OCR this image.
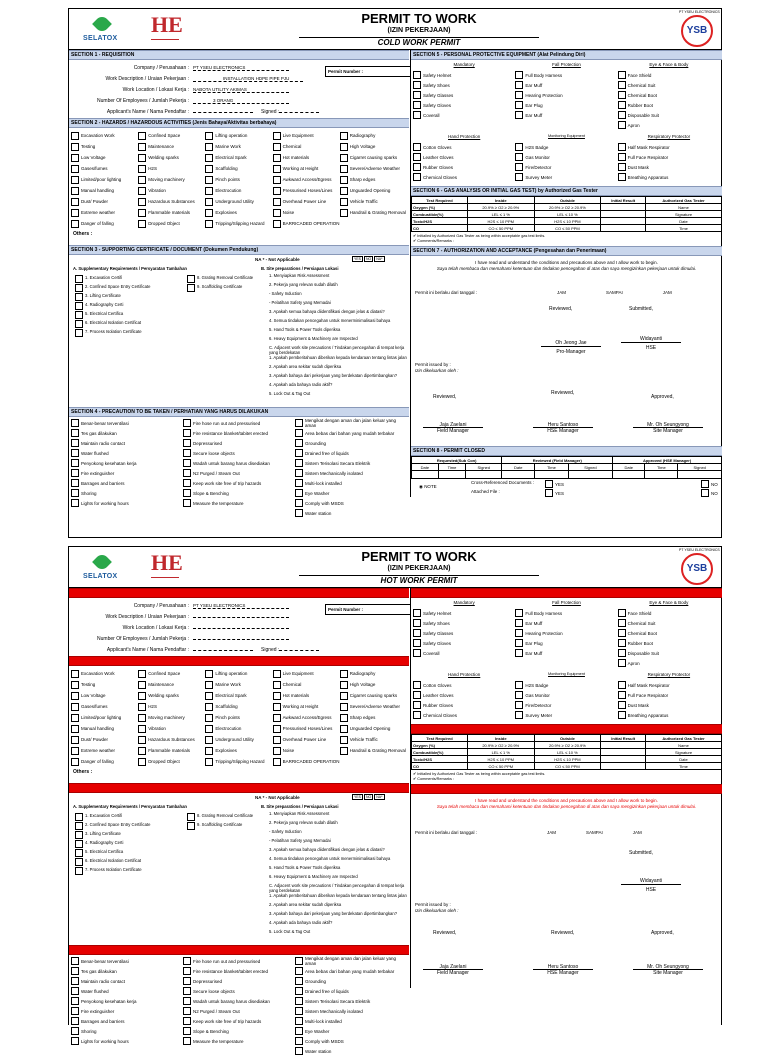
SELATOX
HE	PERMIT TO WORK
(IZIN PEKERJAAN)
COLD WORK PERMIT
PT YSEU ELECTRONICS
YSB
SECTION 1 - REQUISITION
Company / Perusahaan : PT YSEU ELECTRONICS
Work Description / Uraian Pekerjaan :	INSTALLATION HDPE PIPE PJU
Work Location / Lokasi Kerja : NABOTA UTILITY AKIMAS
Number Of Employees / Jumlah Pekerja :	3 ORANG
Applicant's Name / Nama Pendaftar :	Signed :
Permit Number :
SECTION 2 - HAZARDS / HAZARDOUS ACTIVITIES (Jenis Bahaya/Aktivitas berbahaya)
Excavation Work	Confined Space	Lifting operation	Live Equipment	Radiography
Testing	Maintenance	Marine Work	Chemical	High Voltage
Low Voltage	Welding sparks	Electrical Spark	Hot materials	Cigarret causing sparks
Gases/fumes	H2S	Scaffolding	Working at Height	Severe/Adverse Weather
Limited/poor lighting	Moving machinery	Pinch points	Awkward Access/Egress	Sharp edges
Manual handling	Vibration	Electrocution	Pressurised Hoses/Lines	Unguarded Opening
Dust/ Powder	Hazardous Substances	Underground Utility	Overhead Power Line	Vehicle Traffic
Extreme weather	Flammable materials	Explosives	Noise	Handrail & Grating Removal
Danger of falling	Dropped Object	Tripping/Slipping Hazard	BARRICADED OPERATION
Others :
SECTION 3 - SUPPORTING CERTIFICATE / DOCUMENT (Dokumen Pendukung)
NA * - Not Applicable	YES	NO	NA*
A. Supplementary Requirements / Persyaratan Tambahan	B. Site preparations / Persiapan Lokasi
1. Excavation Certifi
2. Confined Space Entry Certificate
3. Lifting Certificate
4. Radiography Certi
5. Electrical Certifica
6. Electrical Isolation Certificat
7. Process Isolation Certificate
8. Grating Removal Certificate
9. Scaffolding Certificate
1. Menyiapkan Risk Assessment
2. Pekerja yang relevan sudah dilatih
- Safety Induction
- Pelatihan Safety yang Memadai
3. Apakah semua bahaya diidentifikasi dengan jelas & diatasi?
4. Semua tindakan pencegahan untuk menerminimalisasi bahaya
5. Hand Tools & Power Tools diperiksa
6. Heavy Equipment & Machinery are Inspected
C. Adjacent work site precautions / Tindakan pencegahan di tempat kerja yang berdekatan
1. Apakah pemberitahuan diberikan kepada kendaraan tentang lintas jalan
2. Apakah area sekitar sudah diperiksa
3. Apakah bahaya dari pekerjaan yang berdekatan dipertimbangkan?
4. Apakah ada bahaya radio aktif?
5. Lock Out & Tag Out
SECTION 4 - PRECAUTION TO BE TAKEN / PERHATIAN YANG HARUS DILAKUKAN
Benar-benar terventilasi	Fire hose run out and pressurised	Mengikat dengan aman dan jalan keluar yang aman
Tes gas dilakukan	Fire resistance blanket/tabitet erected	Area bebas dari bahan yang mudah terbakar
Maintain radio contact	Depressurised	Grounding
Water flushed	Secure loose objects	Drained free of liquids
Penyokong kesehatan kerja	Wadah untuk barang harus disediakan	Sistem Terisolasi Secara Elektrik
Fire extinguisher	N2 Purged / Steam Out	Sistem Mechanically isolated
Barrages and barriers	Keep work site free of trip hazards	Multi-lock installed
Shoring	Slope & Benching	Eye Washer
Lights for working hours	Measure the temperature	Comply with MSDS
Water station
SECTION 5 - PERSONAL PROTECTIVE EQUIPMENT (Alat Pelindung Diri)
Mandatory	Fall Protection	Eye & Face & Body
Safety Helmet
Safety Shoes
Safety Glasses
Safety Gloves
Coverall
Full Body Harness
Ear Muff
Hearing Protection
Ear Plug
Ear Muff
Face Shield
Chemical Suit
Chemical Boot
Rubber Boot
Disposable Suit
Apron
Hand Protection	Monitoring Equipment	Respiratory Protector
Cotton Gloves
Leather Gloves
Rubber Gloves
Chemical Gloves
H2S Badge
Gas Monitor
Fire/Detector
Survey Meter
Half Mask Respirator
Full Face Respirator
Dust Mask
Breathing Apparatus
SECTION 6 - GAS ANALYSIS OR INITIAL GAS TEST) by Authorized Gas Tester
Test Required	Inside	Outside	Initial Result	Authorized Gas Tester
Oxygen (%)	20.9% ≥ O2 ≥ 20.9%	20.9% ≥ O2 ≥ 20.9%		Name
Combustible(%)	LEL ≤ 1 %	LEL ≤ 10 %		Signature
Toxic/H2S	H2S ≤ 10 PPM	H2S ≤ 10 PPM		Date
CO	CO ≤ 50 PPM	CO ≤ 50 PPM		Time
✔ Initialled by Authorized Gas Tester as being within acceptable gas test limits.
✔ Comments/Remarks :
SECTION 7 - AUTHORIZATION AND ACCEPTANCE (Pengesahan dan Penerimaan)
I have read and understand the conditions and precautions above and I allow work to begin.
Saya telah membaca dan memahami ketentuan dan tindakan pencegahan di atas dan saya mengizinkan pekerjaan untuk dimulai.
Permit ini berlaku dari tanggal :	JAM	SAMPAI	JAM
Reviewed,	Submitted,
Oh Jeong Jae
Pro-Manager
Widayanti
HSE
Permit issued by :
Izin dikeluarkan oleh :
Reviewed,
Reviewed,
Approved,
Jaja Zaelani
Field Manager
Heru Santoso
HSE Manager
Mr. Oh Seungyong
Site Manager
SECTION 8 - PERMIT CLOSED
Requested(Sub Con)			Reviewed (Field Manager)			Approved (HSE Manager)		
Date	Time	Signed	Date	Time	Signed	Date	Time	Signed

◉ NOTE
Cross-Referenced Documents :
Attached File :
YES
YES
NO
NO
SELATOX
HE	PERMIT TO WORK
(IZIN PEKERJAAN)
HOT WORK PERMIT
PT YSEU ELECTRONICS
YSB
SECTION 1 - REQUISITION
Company / Perusahaan : PT YSEU ELECTRONICS
Work Description / Uraian Pekerjaan :
Work Location / Lokasi Kerja :
Number Of Employees / Jumlah Pekerja :
Applicant's Name / Nama Pendaftar :	Signed :
Permit Number :
SECTION 2 - HAZARDS / HAZARDOUS ACTIVITIES (Jenis Bahaya/Aktivitas berbahaya)
Excavation Work	Confined Space	Lifting operation	Live Equipment	Radiography
Testing	Maintenance	Marine Work	Chemical	High Voltage
Low Voltage	Welding sparks	Electrical Spark	Hot materials	Cigarret causing sparks
Gases/fumes	H2S	Scaffolding	Working at Height	Severe/Adverse Weather
Limited/poor lighting	Moving machinery	Pinch points	Awkward Access/Egress	Sharp edges
Manual handling	Vibration	Electrocution	Pressurised Hoses/Lines	Unguarded Opening
Dust/ Powder	Hazardous Substances	Underground Utility	Overhead Power Line	Vehicle Traffic
Extreme weather	Flammable materials	Explosives	Noise	Handrail & Grating Removal
Danger of falling	Dropped Object	Tripping/Slipping Hazard	BARRICADED OPERATION
Others :
SECTION 3 - SUPPORTING CERTIFICATE / DOCUMENT (Dokumen Pendukung)
NA * - Not Applicable	YES	NO	NA*
A. Supplementary Requirements / Persyaratan Tambahan	B. Site preparations / Persiapan Lokasi
1. Excavation Certifi
2. Confined Space Entry Certificate
3. Lifting Certificate
4. Radiography Certi
5. Electrical Certifica
6. Electrical Isolation Certificat
7. Process Isolation Certificate
8. Grating Removal Certificate
9. Scaffolding Certificate
1. Menyiapkan Risk Assessment
2. Pekerja yang relevan sudah dilatih
- Safety Induction
- Pelatihan Safety yang Memadai
3. Apakah semua bahaya diidentifikasi dengan jelas & diatasi?
4. Semua tindakan pencegahan untuk menerminimalisasi bahaya
5. Hand Tools & Power Tools diperiksa
6. Heavy Equipment & Machinery are Inspected
C. Adjacent work site precautions / Tindakan pencegahan di tempat kerja yang berdekatan
1. Apakah pemberitahuan diberikan kepada kendaraan tentang lintas jalan
2. Apakah area sekitar sudah diperiksa
3. Apakah bahaya dari pekerjaan yang berdekatan dipertimbangkan?
4. Apakah ada bahaya radio aktif?
5. Lock Out & Tag Out
SECTION 4 - PRECAUTION TO BE TAKEN / PERHATIAN YANG HARUS DILAKUKAN
Benar-benar terventilasi	Fire hose run out and pressurised	Mengikat dengan aman dan jalan keluar yang aman
Tes gas dilakukan	Fire resistance blanket/tabitet erected	Area bebas dari bahan yang mudah terbakar
Maintain radio contact	Depressurised	Grounding
Water flushed	Secure loose objects	Drained free of liquids
Penyokong kesehatan kerja	Wadah untuk barang harus disediakan	Sistem Terisolasi Secara Elektrik
Fire extinguisher	N2 Purged / Steam Out	Sistem Mechanically isolated
Barrages and barriers	Keep work site free of trip hazards	Multi-lock installed
Shoring	Slope & Benching	Eye Washer
Lights for working hours	Measure the temperature	Comply with MSDS
Water station
SECTION 5 - PERSONAL PROTECTIVE EQUIPMENT (Alat Pelindung Diri)
Mandatory	Fall Protection	Eye & Face & Body
Safety Helmet
Safety Shoes
Safety Glasses
Safety Gloves
Coverall
Full Body Harness
Ear Muff
Hearing Protection
Ear Plug
Ear Muff
Face Shield
Chemical Suit
Chemical Boot
Rubber Boot
Disposable Suit
Apron
Hand Protection	Monitoring Equipment	Respiratory Protector
Cotton Gloves
Leather Gloves
Rubber Gloves
Chemical Gloves
H2S Badge
Gas Monitor
Fire/Detector
Survey Meter
Half Mask Respirator
Full Face Respirator
Dust Mask
Breathing Apparatus
SECTION 6 - GAS ANALYSIS OR INITIAL GAS TEST) by Authorized Gas Tester
Test Required	Inside	Outside	Initial Result	Authorized Gas Tester
Oxygen (%)	20.9% ≥ O2 ≥ 20.9%	20.9% ≥ O2 ≥ 20.9%		Name
Combustible(%)	LEL ≤ 1 %	LEL ≤ 10 %		Signature
Toxic/H2S	H2S ≤ 10 PPM	H2S ≤ 10 PPM		Date
CO	CO ≤ 50 PPM	CO ≤ 50 PPM		Time
✔ Initialled by Authorized Gas Tester as being within acceptable gas test limits.
✔ Comments/Remarks :
SECTION 7 - AUTHORIZATION AND ACCEPTANCE (Pengesahan dan Penerimaan)
I have read and understand the conditions and precautions above and I allow work to begin.
Saya telah membaca dan memahami ketentuan dan tindakan pencegahan di atas dan saya mengizinkan pekerjaan untuk dimulai.
Permit ini berlaku dari tanggal :	JAM	SAMPAI	JAM
Submitted,
Widayanti
HSE
Permit issued by :
Izin dikeluarkan oleh :
Reviewed,	Reviewed,	Approved,
Jaja Zaelani
Field Manager
Heru Santoso
HSE Manager
Mr. Oh Seungyong
Site Manager
